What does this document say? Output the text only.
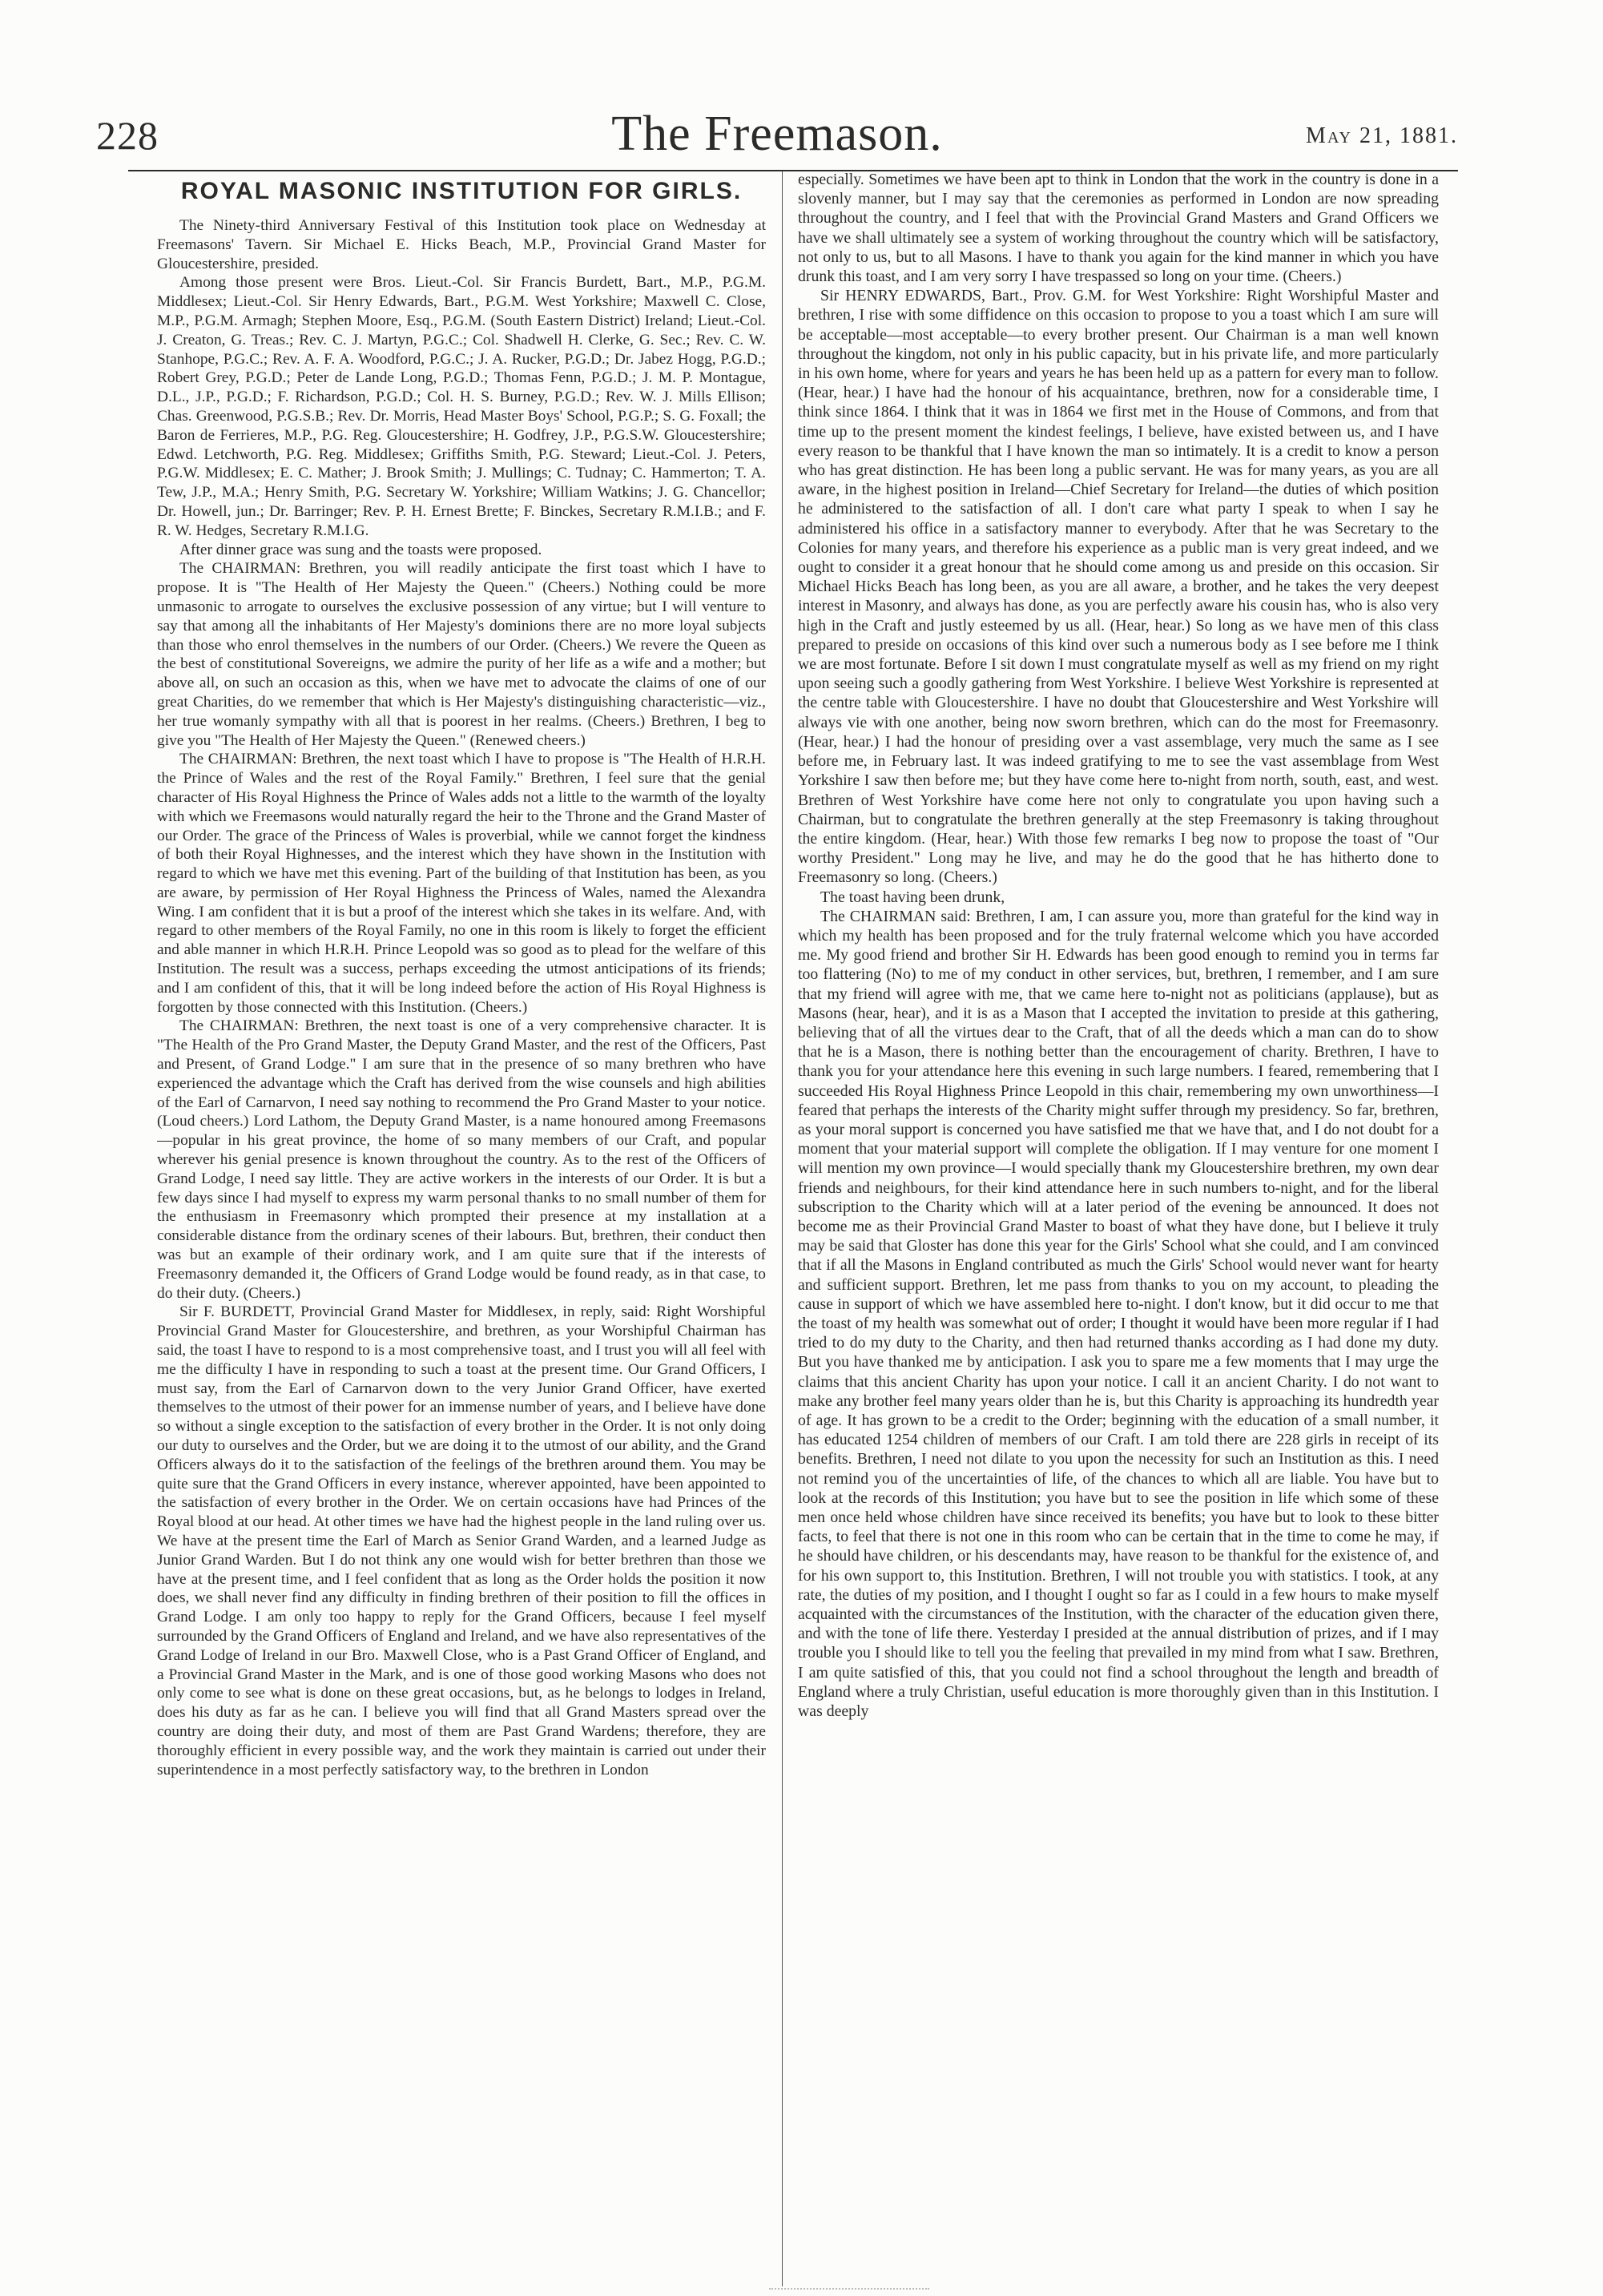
228	The Freemason.	May 21, 1881.
ROYAL MASONIC INSTITUTION FOR GIRLS.

The Ninety-third Anniversary Festival of this Institution took place on Wednesday at Freemasons' Tavern. Sir Michael E. Hicks Beach, M.P., Provincial Grand Master for Gloucestershire, presided.

Among those present were Bros. Lieut.-Col. Sir Francis Burdett, Bart., M.P., P.G.M. Middlesex; Lieut.-Col. Sir Henry Edwards, Bart., P.G.M. West Yorkshire; Maxwell C. Close, M.P., P.G.M. Armagh; Stephen Moore, Esq., P.G.M. (South Eastern District) Ireland; Lieut.-Col. J. Creaton, G. Treas.; Rev. C. J. Martyn, P.G.C.; Col. Shadwell H. Clerke, G. Sec.; Rev. C. W. Stanhope, P.G.C.; Rev. A. F. A. Woodford, P.G.C.; J. A. Rucker, P.G.D.; Dr. Jabez Hogg, P.G.D.; Robert Grey, P.G.D.; Peter de Lande Long, P.G.D.; Thomas Fenn, P.G.D.; J. M. P. Montague, D.L., J.P., P.G.D.; F. Richardson, P.G.D.; Col. H. S. Burney, P.G.D.; Rev. W. J. Mills Ellison; Chas. Greenwood, P.G.S.B.; Rev. Dr. Morris, Head Master Boys' School, P.G.P.; S. G. Foxall; the Baron de Ferrieres, M.P., P.G. Reg. Gloucestershire; H. Godfrey, J.P., P.G.S.W. Gloucestershire; Edwd. Letchworth, P.G. Reg. Middlesex; Griffiths Smith, P.G. Steward; Lieut.-Col. J. Peters, P.G.W. Middlesex; E. C. Mather; J. Brook Smith; J. Mullings; C. Tudnay; C. Hammerton; T. A. Tew, J.P., M.A.; Henry Smith, P.G. Secretary W. Yorkshire; William Watkins; J. G. Chancellor; Dr. Howell, jun.; Dr. Barringer; Rev. P. H. Ernest Brette; F. Binckes, Secretary R.M.I.B.; and F. R. W. Hedges, Secretary R.M.I.G.

After dinner grace was sung and the toasts were proposed.

The CHAIRMAN: Brethren, you will readily anticipate the first toast which I have to propose. It is "The Health of Her Majesty the Queen." (Cheers.) Nothing could be more unmasonic to arrogate to ourselves the exclusive possession of any virtue; but I will venture to say that among all the inhabitants of Her Majesty's dominions there are no more loyal subjects than those who enrol themselves in the numbers of our Order. (Cheers.) We revere the Queen as the best of constitutional Sovereigns, we admire the purity of her life as a wife and a mother; but above all, on such an occasion as this, when we have met to advocate the claims of one of our great Charities, do we remember that which is Her Majesty's distinguishing characteristic—viz., her true womanly sympathy with all that is poorest in her realms. (Cheers.) Brethren, I beg to give you "The Health of Her Majesty the Queen." (Renewed cheers.)

The CHAIRMAN: Brethren, the next toast which I have to propose is "The Health of H.R.H. the Prince of Wales and the rest of the Royal Family." Brethren, I feel sure that the genial character of His Royal Highness the Prince of Wales adds not a little to the warmth of the loyalty with which we Freemasons would naturally regard the heir to the Throne and the Grand Master of our Order. The grace of the Princess of Wales is proverbial, while we cannot forget the kindness of both their Royal Highnesses, and the interest which they have shown in the Institution with regard to which we have met this evening. Part of the building of that Institution has been, as you are aware, by permission of Her Royal Highness the Princess of Wales, named the Alexandra Wing. I am confident that it is but a proof of the interest which she takes in its welfare. And, with regard to other members of the Royal Family, no one in this room is likely to forget the efficient and able manner in which H.R.H. Prince Leopold was so good as to plead for the welfare of this Institution. The result was a success, perhaps exceeding the utmost anticipations of its friends; and I am confident of this, that it will be long indeed before the action of His Royal Highness is forgotten by those connected with this Institution. (Cheers.)

The CHAIRMAN: Brethren, the next toast is one of a very comprehensive character. It is "The Health of the Pro Grand Master, the Deputy Grand Master, and the rest of the Officers, Past and Present, of Grand Lodge." I am sure that in the presence of so many brethren who have experienced the advantage which the Craft has derived from the wise counsels and high abilities of the Earl of Carnarvon, I need say nothing to recommend the Pro Grand Master to your notice. (Loud cheers.) Lord Lathom, the Deputy Grand Master, is a name honoured among Freemasons—popular in his great province, the home of so many members of our Craft, and popular wherever his genial presence is known throughout the country. As to the rest of the Officers of Grand Lodge, I need say little. They are active workers in the interests of our Order. It is but a few days since I had myself to express my warm personal thanks to no small number of them for the enthusiasm in Freemasonry which prompted their presence at my installation at a considerable distance from the ordinary scenes of their labours. But, brethren, their conduct then was but an example of their ordinary work, and I am quite sure that if the interests of Freemasonry demanded it, the Officers of Grand Lodge would be found ready, as in that case, to do their duty. (Cheers.)

Sir F. BURDETT, Provincial Grand Master for Middlesex, in reply, said: Right Worshipful Provincial Grand Master for Gloucestershire, and brethren, as your Worshipful Chairman has said, the toast I have to respond to is a most comprehensive toast, and I trust you will all feel with me the difficulty I have in responding to such a toast at the present time. Our Grand Officers, I must say, from the Earl of Carnarvon down to the very Junior Grand Officer, have exerted themselves to the utmost of their power for an immense number of years, and I believe have done so without a single exception to the satisfaction of every brother in the Order. It is not only doing our duty to ourselves and the Order, but we are doing it to the utmost of our ability, and the Grand Officers always do it to the satisfaction of the feelings of the brethren around them. You may be quite sure that the Grand Officers in every instance, wherever appointed, have been appointed to the satisfaction of every brother in the Order. We on certain occasions have had Princes of the Royal blood at our head. At other times we have had the highest people in the land ruling over us. We have at the present time the Earl of March as Senior Grand Warden, and a learned Judge as Junior Grand Warden. But I do not think any one would wish for better brethren than those we have at the present time, and I feel confident that as long as the Order holds the position it now does, we shall never find any difficulty in finding brethren of their position to fill the offices in Grand Lodge. I am only too happy to reply for the Grand Officers, because I feel myself surrounded by the Grand Officers of England and Ireland, and we have also representatives of the Grand Lodge of Ireland in our Bro. Maxwell Close, who is a Past Grand Officer of England, and a Provincial Grand Master in the Mark, and is one of those good working Masons who does not only come to see what is done on these great occasions, but, as he belongs to lodges in Ireland, does his duty as far as he can. I believe you will find that all Grand Masters spread over the country are doing their duty, and most of them are Past Grand Wardens; therefore, they are thoroughly efficient in every possible way, and the work they maintain is carried out under their superintendence in a most perfectly satisfactory way, to the brethren in London

especially. Sometimes we have been apt to think in London that the work in the country is done in a slovenly manner, but I may say that the ceremonies as performed in London are now spreading throughout the country, and I feel that with the Provincial Grand Masters and Grand Officers we have we shall ultimately see a system of working throughout the country which will be satisfactory, not only to us, but to all Masons. I have to thank you again for the kind manner in which you have drunk this toast, and I am very sorry I have trespassed so long on your time. (Cheers.)

Sir HENRY EDWARDS, Bart., Prov. G.M. for West Yorkshire: Right Worshipful Master and brethren, I rise with some diffidence on this occasion to propose to you a toast which I am sure will be acceptable—most acceptable—to every brother present. Our Chairman is a man well known throughout the kingdom, not only in his public capacity, but in his private life, and more particularly in his own home, where for years and years he has been held up as a pattern for every man to follow. (Hear, hear.) I have had the honour of his acquaintance, brethren, now for a considerable time, I think since 1864. I think that it was in 1864 we first met in the House of Commons, and from that time up to the present moment the kindest feelings, I believe, have existed between us, and I have every reason to be thankful that I have known the man so intimately. It is a credit to know a person who has great distinction. He has been long a public servant. He was for many years, as you are all aware, in the highest position in Ireland—Chief Secretary for Ireland—the duties of which position he administered to the satisfaction of all. I don't care what party I speak to when I say he administered his office in a satisfactory manner to everybody. After that he was Secretary to the Colonies for many years, and therefore his experience as a public man is very great indeed, and we ought to consider it a great honour that he should come among us and preside on this occasion. Sir Michael Hicks Beach has long been, as you are all aware, a brother, and he takes the very deepest interest in Masonry, and always has done, as you are perfectly aware his cousin has, who is also very high in the Craft and justly esteemed by us all. (Hear, hear.) So long as we have men of this class prepared to preside on occasions of this kind over such a numerous body as I see before me I think we are most fortunate. Before I sit down I must congratulate myself as well as my friend on my right upon seeing such a goodly gathering from West Yorkshire. I believe West Yorkshire is represented at the centre table with Gloucestershire. I have no doubt that Gloucestershire and West Yorkshire will always vie with one another, being now sworn brethren, which can do the most for Freemasonry. (Hear, hear.) I had the honour of presiding over a vast assemblage, very much the same as I see before me, in February last. It was indeed gratifying to me to see the vast assemblage from West Yorkshire I saw then before me; but they have come here to-night from north, south, east, and west. Brethren of West Yorkshire have come here not only to congratulate you upon having such a Chairman, but to congratulate the brethren generally at the step Freemasonry is taking throughout the entire kingdom. (Hear, hear.) With those few remarks I beg now to propose the toast of "Our worthy President." Long may he live, and may he do the good that he has hitherto done to Freemasonry so long. (Cheers.)

The toast having been drunk,

The CHAIRMAN said: Brethren, I am, I can assure you, more than grateful for the kind way in which my health has been proposed and for the truly fraternal welcome which you have accorded me. My good friend and brother Sir H. Edwards has been good enough to remind you in terms far too flattering (No) to me of my conduct in other services, but, brethren, I remember, and I am sure that my friend will agree with me, that we came here to-night not as politicians (applause), but as Masons (hear, hear), and it is as a Mason that I accepted the invitation to preside at this gathering, believing that of all the virtues dear to the Craft, that of all the deeds which a man can do to show that he is a Mason, there is nothing better than the encouragement of charity. Brethren, I have to thank you for your attendance here this evening in such large numbers. I feared, remembering that I succeeded His Royal Highness Prince Leopold in this chair, remembering my own unworthiness—I feared that perhaps the interests of the Charity might suffer through my presidency. So far, brethren, as your moral support is concerned you have satisfied me that we have that, and I do not doubt for a moment that your material support will complete the obligation. If I may venture for one moment I will mention my own province—I would specially thank my Gloucestershire brethren, my own dear friends and neighbours, for their kind attendance here in such numbers to-night, and for the liberal subscription to the Charity which will at a later period of the evening be announced. It does not become me as their Provincial Grand Master to boast of what they have done, but I believe it truly may be said that Gloster has done this year for the Girls' School what she could, and I am convinced that if all the Masons in England contributed as much the Girls' School would never want for hearty and sufficient support. Brethren, let me pass from thanks to you on my account, to pleading the cause in support of which we have assembled here to-night. I don't know, but it did occur to me that the toast of my health was somewhat out of order; I thought it would have been more regular if I had tried to do my duty to the Charity, and then had returned thanks according as I had done my duty. But you have thanked me by anticipation. I ask you to spare me a few moments that I may urge the claims that this ancient Charity has upon your notice. I call it an ancient Charity. I do not want to make any brother feel many years older than he is, but this Charity is approaching its hundredth year of age. It has grown to be a credit to the Order; beginning with the education of a small number, it has educated 1254 children of members of our Craft. I am told there are 228 girls in receipt of its benefits. Brethren, I need not dilate to you upon the necessity for such an Institution as this. I need not remind you of the uncertainties of life, of the chances to which all are liable. You have but to look at the records of this Institution; you have but to see the position in life which some of these men once held whose children have since received its benefits; you have but to look to these bitter facts, to feel that there is not one in this room who can be certain that in the time to come he may, if he should have children, or his descendants may, have reason to be thankful for the existence of, and for his own support to, this Institution. Brethren, I will not trouble you with statistics. I took, at any rate, the duties of my position, and I thought I ought so far as I could in a few hours to make myself acquainted with the circumstances of the Institution, with the character of the education given there, and with the tone of life there. Yesterday I presided at the annual distribution of prizes, and if I may trouble you I should like to tell you the feeling that prevailed in my mind from what I saw. Brethren, I am quite satisfied of this, that you could not find a school throughout the length and breadth of England where a truly Christian, useful education is more thoroughly given than in this Institution. I was deeply
